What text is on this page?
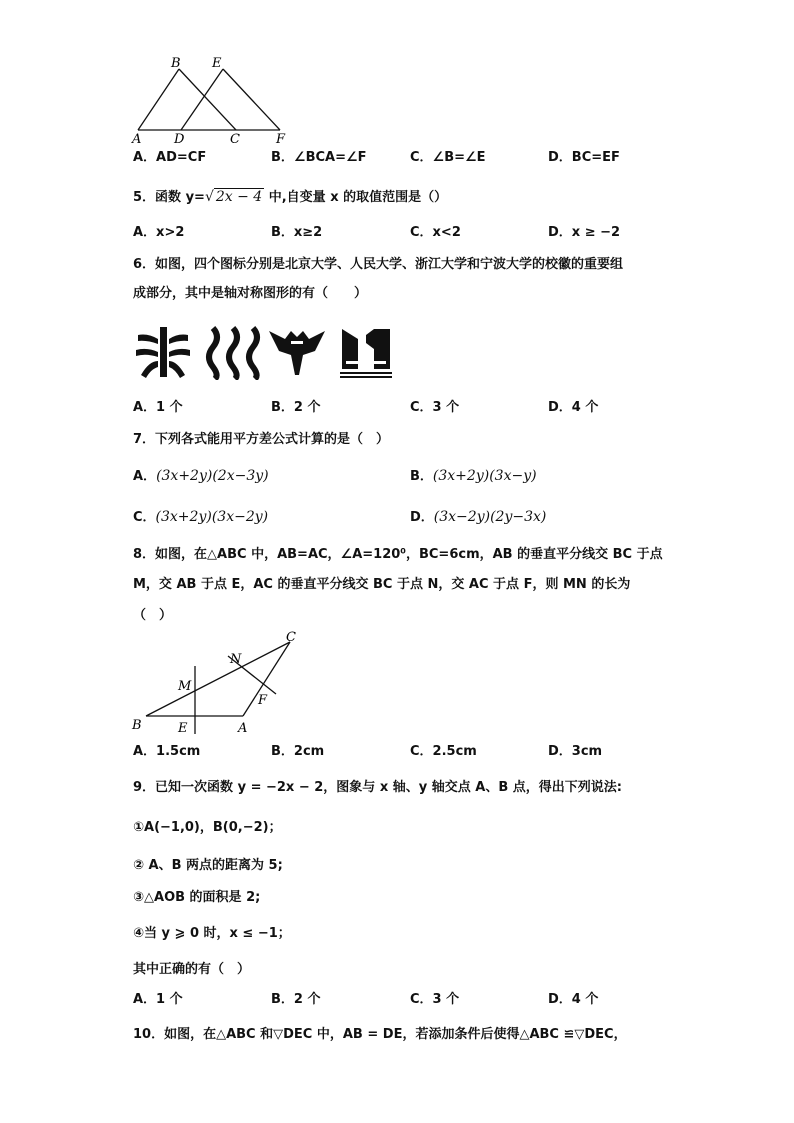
B E
A	D	C	F
A．AD=CF	B．∠BCA=∠F	C．∠B=∠E	D．BC=EF
5．函数 y=√ 2x − 4 中,自变量 x 的取值范围是（）
A．x>2	B．x≥2	C．x<2	D．x ≥ −2
6．如图，四个图标分别是北京大学、人民大学、浙江大学和宁波大学的校徽的重要组
成部分，其中是轴对称图形的有（　　）
A．1 个	B．2 个	C．3 个	D．4 个
7．下列各式能用平方差公式计算的是（　）
A．(3x+2y)(2x−3y)	B．(3x+2y)(3x−y)
C．(3x+2y)(3x−2y)	D．(3x−2y)(2y−3x)
8．如图，在△ABC 中，AB=AC，∠A=120⁰，BC=6cm，AB 的垂直平分线交 BC 于点
M，交 AB 于点 E，AC 的垂直平分线交 BC 于点 N，交 AC 于点 F，则 MN 的长为
（　）
C
N
M
F
B	E	A
A．1.5cm	B．2cm	C．2.5cm	D．3cm
9．已知一次函数 y = −2x − 2，图象与 x 轴、y 轴交点 A、B 点，得出下列说法:
①A(−1,0)，B(0,−2)；
② A、B 两点的距离为 5;
③△AOB 的面积是 2;
④当 y ⩾ 0 时，x ≤ −1；
其中正确的有（　）
A．1 个	B．2 个	C．3 个	D．4 个
10．如图，在△ABC 和▽DEC 中，AB = DE，若添加条件后使得△ABC ≌▽DEC，
